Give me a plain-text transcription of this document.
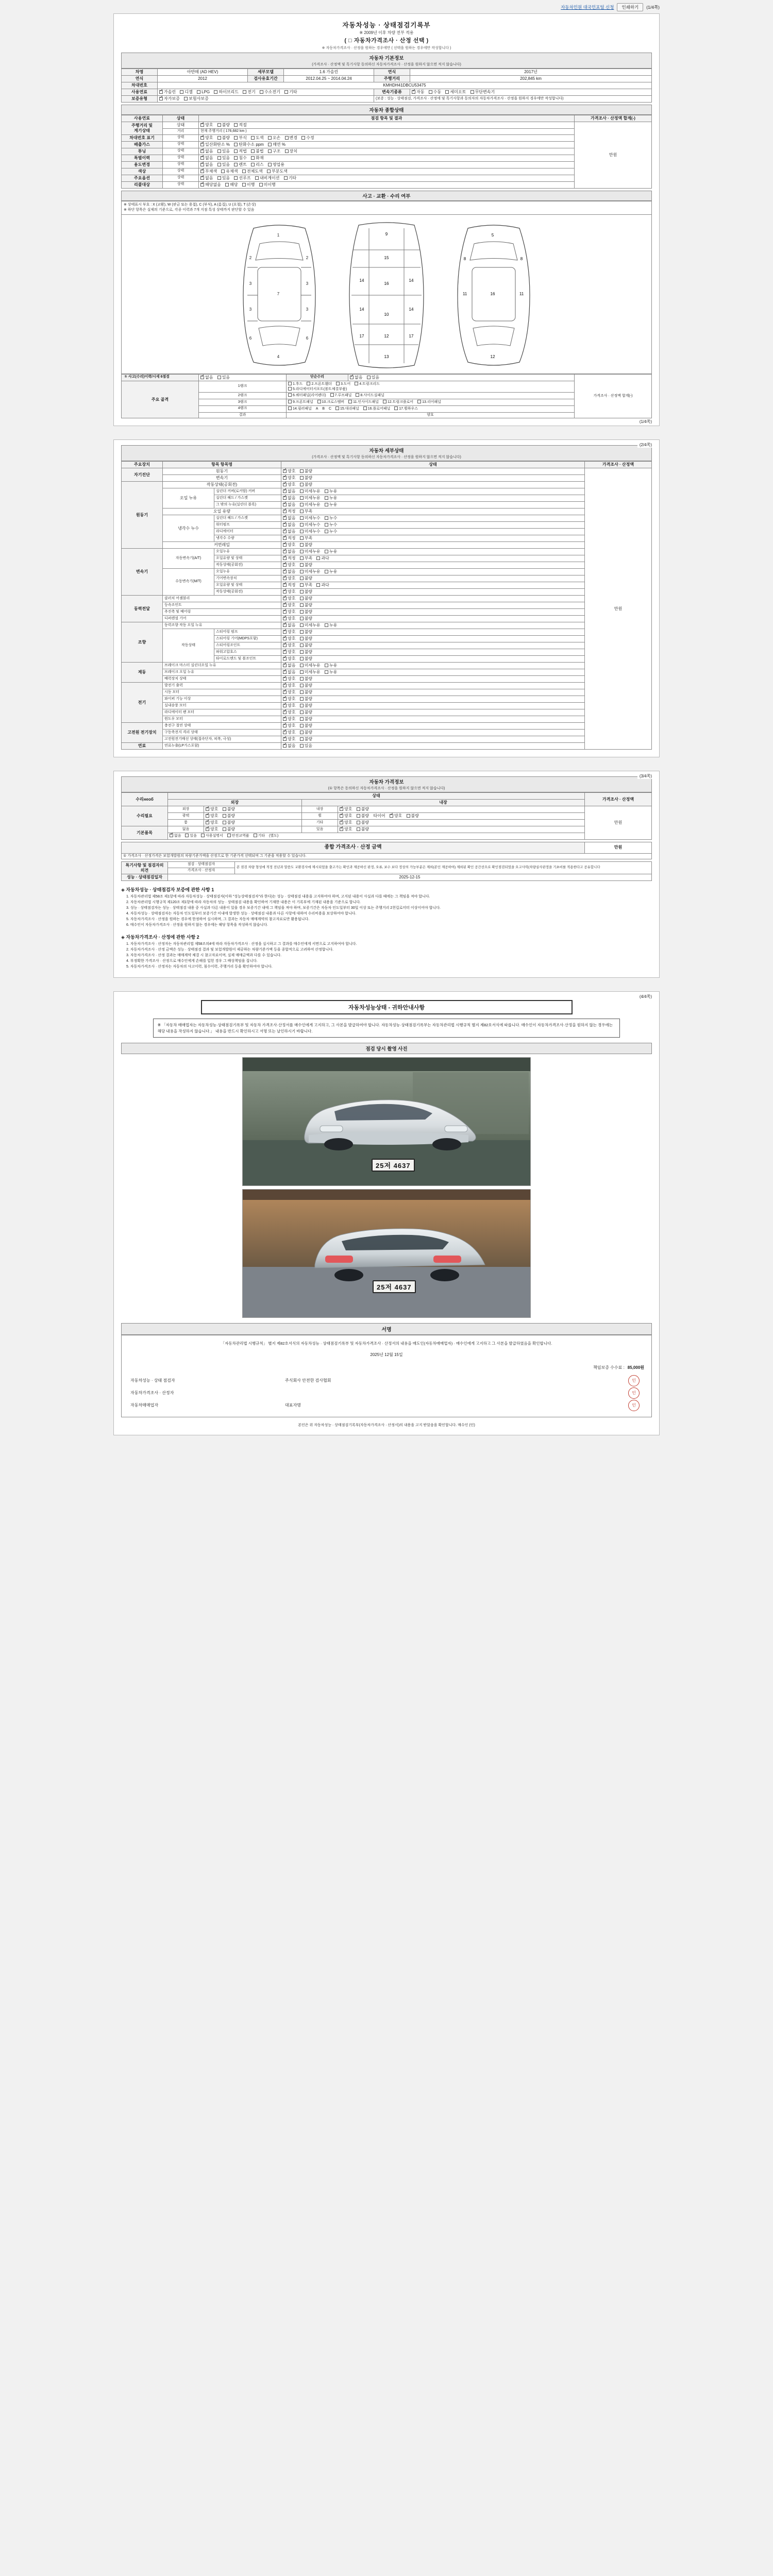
자동차민원 대국민포털 신청	인쇄하기	(1/4쪽)
자동차성능 · 상태점검기록부
※ 2009년 이후 차량 전부 적용
( □ 자동차가격조사 · 산정 선택 )
※ 자동차가격조사 · 산정을 원하는 경우에만 ( 선택을 원하는 경우에만 작성합니다 )
자동차 기본정보
(가격조사 · 산정액 및 특기사항 동의하신 자동차가격조사 · 산정을 원하지 않으면 적지 않습니다)
차명	아반떼 (AD HEV)	세부모델	1.6 가솔린	연식	2017년
연식	2012	검사유효기간	2012.04.25 ~ 2014.04.24	주행거리	202,845 km
차대번호	KMHDH41DBCU53475				
사용연료	✓가솔린 디젤 LPG 하이브리드 전기 수소전기 기타			변속기종류	✓자동 수동 세미오토 무단변속기
보증유형	✓자가보증 보험사보증			(보증 : 성능 · 상태점검, 가격조사 · 산정에 및 특기사항과 동의자의 자동차가격조사 · 산정을 원하지 경우에만 작성합니다)	
자동차 종합상태
사용연료	상태	점검 항목 및 결과	가격조사 · 산정액 합계(-)
주행거리 및 계기상태	상태	✓양호 불량 적절	만원
	거리	현재 주행거리 ( 176,682 km )	
차대번호 표기	상태	✓양호 불량 부식 도색 오손 변경 수정
배출가스	상태	✓일산화탄소 % 탄화수소 ppm 매연 %
튜닝	상태	✓없음 있음 적법 불법 구조 장치
특별이력	상태	✓없음 있음 침수 화재
용도변경	상태	✓없음 있음 렌트 리스 영업용
색상	상태	✓무채색 유채색 전체도색 부분도색
주요옵션	상태	✓없음 있음 선루프 내비게이션 기타
리콜대상	상태	✓해당없음 해당 이행 미이행
사고 · 교환 · 수리 여부
※ 상태표시 부호 : X (교환), W (판금 또는 용접), C (부식), A (흠집), U (요철), T (손상)
※ 하단 항목은 실제의 기준으로, 각종 이력과 7개 지점 특성 상태까지 판단할 수 있음
1
2	2
3	3
3	3
6	6
7
4
9
15
14	14
16
14	14
10
17	17
12
13
5
8	8
11	11
16
12
① 사고(수리)이력/시세 6점검	✓없음 있음	단순수리	✓없음 있음	가격조사 · 산정액 합계(-)
주요 골격	1랭크	1.후드 2.프론트휀더 3.도어 4.트렁크리드
5.라디에이터서포트(볼트체결부품)		
	2랭크	6.쿼터패널(리어펜더) 7.루프패널 8.사이드실패널		
	3랭크	9.프론트패널 10.크로스멤버 11.인사이드패널 12.트렁크플로어 13.리어패널		
	4랭크	14.필러패널 A B C 15.대쉬패널 16.플로어패널 17.휠하우스		
	결과	양호		
(1/4쪽)
(2/4쪽)
자동차 세부상태
(가격조사 · 산정액 및 특기사항 동의하신 자동차가격조사 · 산정을 원하지 않으면 적지 않습니다)
주요장치	항목 항목명		상태	가격조사 · 산정액
자기진단	원동기	✓양호 불량	만원
	변속기	✓양호 불량
원동기	작동상태(공회전)	✓양호 불량
	오일 누유	실린더 커버(로커암) 커버	✓없음 미세누유 누유
		실린더 헤드 / 가스켓	✓없음 미세누유 누유
		그 밖의 누유(실린더 블록)	✓없음 미세누유 누유
	오일 유량	✓적정 부족
	냉각수 누수	실린더 헤드 / 가스켓	✓없음 미세누수 누수
		워터펌프	✓없음 미세누수 누수
		라디에이터	✓없음 미세누수 누수
		냉각수 수량	✓적정 부족
	커먼레일	✓양호 불량
변속기	자동변속기(A/T)	오일누유	✓없음 미세누유 누유
		오일유량 및 상태	✓적정 부족 과다
		작동상태(공회전)	✓양호 불량
	수동변속기(M/T)	오일누유	✓없음 미세누유 누유
		기어변속장치	✓양호 불량
		오일유량 및 상태	✓적정 부족 과다
		작동상태(공회전)	✓양호 불량
동력전달	클러치 어셈블리	✓양호 불량
	등속조인트	✓양호 불량
	추진축 및 베어링	✓양호 불량
	디퍼렌셜 기어	✓양호 불량
조향	동력조향 작동 오일 누유	✓없음 미세누유 누유
	작동상태	스티어링 펌프	✓양호 불량
		스티어링 기어(MDPS포함)	✓양호 불량
		스티어링조인트	✓양호 불량
		파워고압호스	✓양호 불량
		타이로드엔드 및 볼조인트	✓양호 불량
제동	브레이크 마스터 실린더오일 누유	✓없음 미세누유 누유
	브레이크 오일 누유	✓없음 미세누유 누유
	배력장치 상태	✓양호 불량
전기	발전기 출력	✓양호 불량
	시동 모터	✓양호 불량
	와이퍼 기능 이상	✓양호 불량
	실내송풍 모터	✓양호 불량
	라디에이터 팬 모터	✓양호 불량
	윈도우 모터	✓양호 불량
고전원 전기장치	충전구 절연 상태	✓양호 불량
	구동축전지 격리 상태	✓양호 불량
	고전원전기배선 상태(접속단자, 피복, 극성)	✓양호 불량
연료	연료누출(LP가스포함)	✓없음 있음
(3/4쪽)
자동차 가격정보
(① 항목은 동의하신 자동차가격조사 · 산정을 원하지 않으면 적지 않습니다)
수리необ	상태				가격조사 · 산정액
	외장		내장		
수리필요	외장	✓양호 불량	내장	✓양호 불량	만원
	광택	✓양호 불량	휠	✓양호 불량 타이어 ✓ 양호 불량
	룸	✓양호 불량	기타	✓양호 불량
기본품목	없음	✓양호 불량	있음	✓양호 불량
✓없음 있음 사용설명서 안전교역품 기타 (별도)
종합 가격조사 · 산정 금액	만원
① 가격조사 · 산정가격은 보험개발원의 차량기준가액을 산정으로 한 기준가격 선택되며 그 기준을 적용할 수 있습니다.
특기사항 및 점검자의 의견	점검 · 상태점검자	본 점검 차량 형성에 적정 전년과 말씀도 교환검사에 제시되었을 출고가는 확인과 제공하신 판정, 오류, 보수 보다 정상의 가능부분은 제외(본인 제공하여) 제외된 확인 공간선으로 확인점검되었을 오고사력(차량실사판정을 기초비를 적용한다고 공유합니다
	가격조사 · 산정자	
성능 · 상태점검일자	2025-12-15	
◈ 자동차성능 · 상태점검자 보증에 관한 사항 1

1. 자동차관리법 제58조 제1항에 따라 자동차성능 · 상태점검자(이하 "성능상태점검자"라 한다)는 성능 · 상태점검 내용을 고지하여야 하며, 고지된 내용이 사실과 다를 때에는 그 책임을 져야 합니다.

2. 자동차관리법 시행규칙 제120조 제1항에 따라 자동차의 성능 · 상태점검 내용을 확인하여 기재한 내용은 이 기록부에 기재된 내용을 기준으로 합니다.

3. 성능 · 상태점검자는 성능 · 상태점검 내용 중 사실과 다른 내용이 있을 경우 보증기간 내에 그 책임을 져야 하며, 보증기간은 자동차 인도일부터 30일 이상 또는 주행거리 2천킬로미터 이상이어야 합니다.

4. 자동차성능 · 상태점검자는 자동차 인도일부터 보증기간 이내에 발생한 성능 · 상태점검 내용과 다른 사항에 대하여 수리비용을 보상하여야 합니다.

5. 자동차가격조사 · 산정을 원하는 경우에 한정하여 실시하며, 그 결과는 자동차 매매계약의 참고자료로만 활용됩니다.

6. 매수인이 자동차가격조사 · 산정을 원하지 않는 경우에는 해당 항목을 작성하지 않습니다.

◈ 자동차가격조사 · 산정에 관한 사항 2

1. 자동차가격조사 · 산정자는 자동차관리법 제58조의4에 따라 자동차가격조사 · 산정을 실시하고 그 결과를 매수인에게 서면으로 고지하여야 합니다.

2. 자동차가격조사 · 산정 금액은 성능 · 상태점검 결과 및 보험개발원이 제공하는 차량기준가액 등을 종합적으로 고려하여 산정합니다.

3. 자동차가격조사 · 산정 결과는 매매계약 체결 시 참고자료이며, 실제 매매금액과 다를 수 있습니다.

4. 부정확한 가격조사 · 산정으로 매수인에게 손해를 입힌 경우 그 배상책임을 집니다.

5. 자동차가격조사 · 산정자는 자동차의 사고이력, 침수이력, 주행거리 등을 확인하여야 합니다.

(4/4쪽)
자동차성능상태 - 귀하안내사항
※ 「자동차 매매업자는 자동차성능·상태점검기록부 및 자동차 가격조사·산정서를 매수인에게 고지하고, 그 사본을 발급하여야 합니다. 자동차성능·상태점검기록부는 자동차관리법 시행규칙 별지 제82호서식에 따릅니다. 매수인이 자동차가격조사·산정을 원하지 않는 경우에는 해당 내용을 작성하지 않습니다.」 내용을 반드시 확인하시고 서명 또는 날인하시기 바랍니다.
점검 당시 촬영 사진
25저 4637
25저 4637
서명

「자동차관리법 시행규칙」 별지 제82호서식의 자동차성능 · 상태점검기록부 및 자동차가격조사 · 산정서의 내용을 매도인(자동차매매업자) · 매수인에게 고지하고 그 사본을 발급하였음을 확인합니다.

2025년 12월 15일

책임보증 수수료 : 85,000원
자동차성능 · 상태 점검자		주식회사 안전한 검사협회	인
자동차가격조사 · 산정자			인
자동차매매업자		대표자명	인
본인은 위 자동차성능 · 상태점검기록부(자동차가격조사 · 산정서)의 내용을 고지 받았음을 확인합니다. 매수인 (인)
